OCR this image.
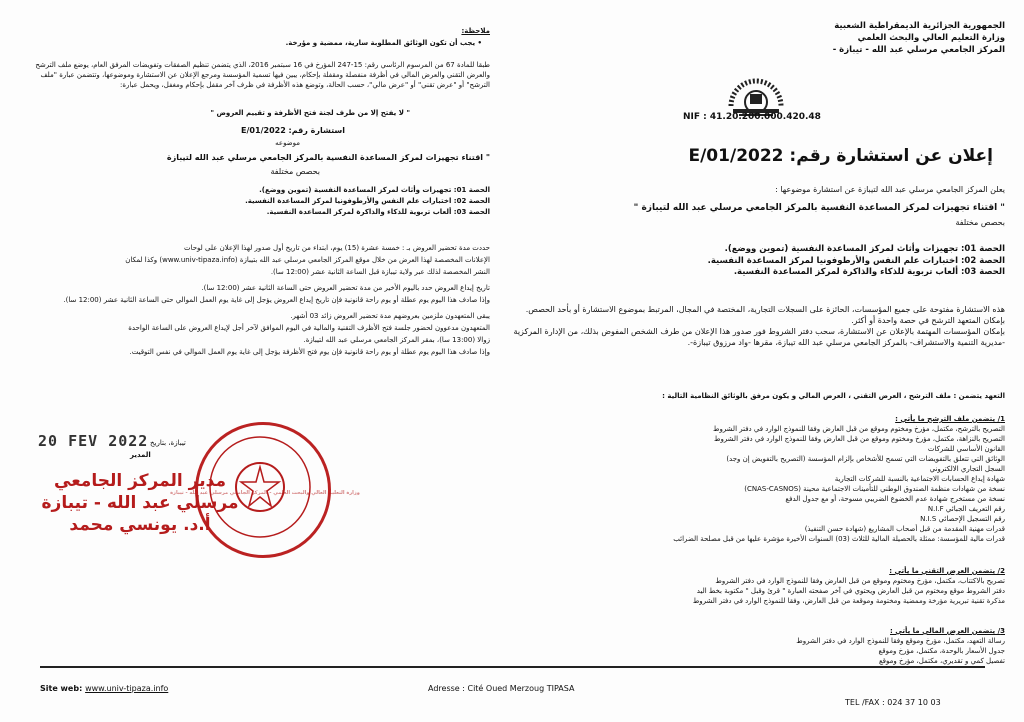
الجمهورية الجزائرية الديمقراطية الشعبية
وزارة التعليم العالي والبحث العلمي
المركز الجامعي مرسلي عبد الله - تيبازة -
NIF : 41.20.200.000.420.48
إعلان عن استشارة رقم: 2022/E/01
يعلن المركز الجامعي مرسلي عبد الله لتيبازة عن استشارة موضوعها :
" اقتناء تجهيزات لمركز المساعدة النفسية بالمركز الجامعي مرسلي عبد الله لتيبازة "
بحصص مختلفة
الحصة 01: تجهيزات وأثاث لمركز المساعدة النفسية (تموين ووضع).
الحصة 02: اختبارات علم النفس والأرطوفونيا لمركز المساعدة النفسية.
الحصة 03: ألعاب تربوية للذكاء والذاكرة لمركز المساعدة النفسية.
هذه الاستشارة مفتوحة على جميع المؤسسات، الحائزة على السجلات التجارية، المختصة في المجال، المرتبط بموضوع الاستشارة أو بأحد الحصص.
بإمكان المتعهد الترشح في حصة واحدة أو أكثر.
بإمكان المؤسسات المهتمة بالإعلان عن الاستشارة، سحب دفتر الشروط فور صدور هذا الإعلان من طرف الشخص المفوض بذلك، من الإدارة المركزية -مديرية التنمية والاستشراف- بالمركز الجامعي مرسلي عبد الله تيبازة، مقرها -واد مرزوق تيبازة-.
التعهد يتضمن : ملف الترشح ، العرض التقني ، العرض المالي و يكون مرفق بالوثائق النظامية التالية :

1/ يتضمن ملف الترشح ما يأتي :

التصريح بالترشح، مكتمل، مؤرخ ومختوم وموقع من قبل العارض وفقا للنموذج الوارد في دفتر الشروط

التصريح بالنزاهة، مكتمل، مؤرخ ومختوم وموقع من قبل العارض وفقا للنموذج الوارد في دفتر الشروط

القانون الأساسي للشركات

الوثائق التي تتعلق بالتفويضات التي تسمح للأشخاص بإلزام المؤسسة (التصريح بالتفويض إن وجد)

السجل التجاري الالكتروني

شهادة إيداع الحسابات الاجتماعية بالنسبة للشركات التجارية

نسخة من شهادات منظمة الصندوق الوطني للتأمينات الاجتماعية محينة (CNAS-CASNOS)

نسخة من مستخرج شهادة عدم الخضوع الضريبي مسوحة، أو مع جدول الدفع

رقم التعريف الجبائي N.I.F

رقم التسجيل الإحصائي N.I.S

قدرات مهنية المقدمة من قبل أصحاب المشاريع (شهادة حسن التنفيذ)

قدرات مالية للمؤسسة: ممثلة بالحصيلة المالية للثلاث (03) السنوات الأخيرة مؤشرة عليها من قبل مصلحة الضرائب

2/ يتضمن العرض التقني ما يأتي :

تصريح بالاكتتاب، مكتمل، مؤرخ ومختوم وموقع من قبل العارض وفقا للنموذج الوارد في دفتر الشروط

دفتر الشروط موقع ومختوم من قبل العارض ويحتوي في آخر صفحته العبارة " قرئ وقبل " مكتوبة بخط اليد

مذكرة تقنية تبريرية مؤرخة وممضية ومختومة وموقعة من قبل العارض، وفقا للنموذج الوارد في دفتر الشروط

3/ يتضمن العرض المالي ما يأتي :

رسالة التعهد، مكتمل، مؤرخ وموقع وفقا للنموذج الوارد في دفتر الشروط

جدول الأسعار بالوحدة، مكتمل، مؤرخ وموقع

تفصيل كمي و تقديري، مكتمل، مؤرخ وموقع

ملاحظة:
• يجب أن تكون الوثائق المطلوبة سارية، ممضية و مؤرخة.
طبقا للمادة 67 من المرسوم الرئاسي رقم: 15-247 المؤرخ في 16 سبتمبر 2016، الذي يتضمن تنظيم الصفقات وتفويضات المرفق العام، يوضع ملف الترشح والعرض التقني والعرض المالي في أظرفة منفصلة ومقفلة بإحكام، يبين فيها تسمية المؤسسة ومرجع الإعلان عن الاستشارة وموضوعها، وتتضمن عبارة "ملف الترشح" أو "عرض تقني" أو "عرض مالي"، حسب الحالة، وتوضع هذه الأظرفة في ظرف آخر مقفل بإحكام ومغفل، ويحمل عبارة:
" لا يفتح إلا من طرف لجنة فتح الأظرفة و تقييم العروض "
استشارة رقم: 2022/E/01
موضوعه
" اقتناء تجهيزات لمركز المساعدة النفسية بالمركز الجامعي مرسلي عبد الله لتيبازة
بحصص مختلفة
الحصة 01: تجهيزات وأثاث لمركز المساعدة النفسية (تموين ووضع).
الحصة 02: اختبارات علم النفس والأرطوفونيا لمركز المساعدة النفسية.
الحصة 03: ألعاب تربوية للذكاء والذاكرة لمركز المساعدة النفسية.
حددت مدة تحضير العروض بـ : خمسة عشرة (15) يوم، ابتداء من تاريخ أول صدور لهذا الإعلان على لوحات
الإعلانات المخصصة لهذا العرض من خلال موقع المركز الجامعي مرسلي عبد الله بتيبازة (www.univ-tipaza.info) وكذا لمكان
النشر المخصصة لذلك عبر ولاية تيبازة قبل الساعة الثانية عشر (12:00 سا).
تاريخ إيداع العروض حدد باليوم الأخير من مدة تحضير العروض حتى الساعة الثانية عشر (12:00 سا).
وإذا صادف هذا اليوم يوم عطلة أو يوم راحة قانونية فإن تاريخ إيداع العروض يؤجل إلى غاية يوم العمل الموالي حتى الساعة الثانية عشر (12:00 سا).
يبقى المتعهدون ملزمين بعروضهم مدة تحضير العروض زائد 03 أشهر.
المتعهدون مدعوون لحضور جلسة فتح الأظرف التقنية والمالية في اليوم الموافق لآخر أجل لإيداع العروض على الساعة الواحدة
زوالا (13:00 سا)، بمقر المركز الجامعي مرسلي عبد الله لتيبازة.
وإذا صادف هذا اليوم يوم عطلة أو يوم راحة قانونية فإن يوم فتح الأظرفة يؤجل إلى غاية يوم العمل الموالي في نفس التوقيت.
20 FEV 2022 تيبازة، بتاريخ
المدير
وزارة التعليم العالي والبحث العلمي - المركز الجامعي مرسلي عبد الله - تيبازة
مدير المركز الجامعي
مرسلي عبد الله - تيبازة
أ.د. يونسي محمد
Site web: www.univ-tipaza.info	Adresse : Cité Oued Merzoug TIPASA
TEL /FAX : 024 37 10 03
